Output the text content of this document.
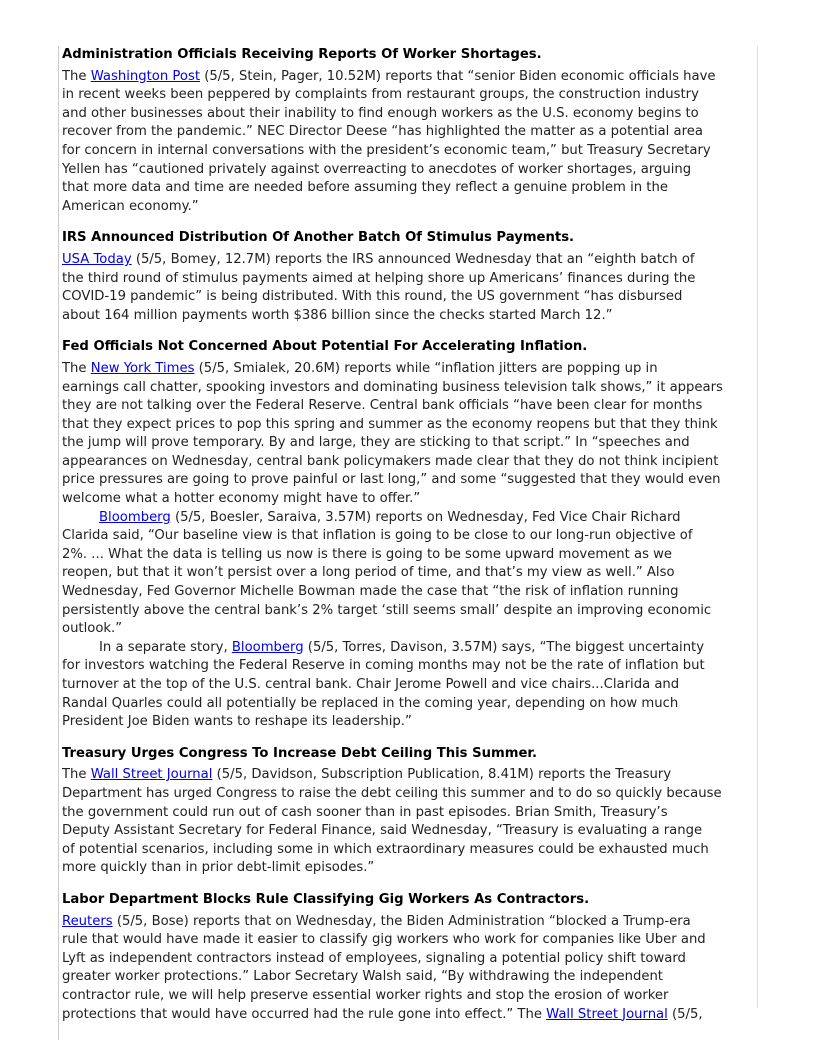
Administration Officials Receiving Reports Of Worker Shortages.
The Washington Post (5/5, Stein, Pager, 10.52M) reports that “senior Biden economic officials have
in recent weeks been peppered by complaints from restaurant groups, the construction industry
and other businesses about their inability to find enough workers as the U.S. economy begins to
recover from the pandemic.” NEC Director Deese “has highlighted the matter as a potential area
for concern in internal conversations with the president’s economic team,” but Treasury Secretary
Yellen has “cautioned privately against overreacting to anecdotes of worker shortages, arguing
that more data and time are needed before assuming they reflect a genuine problem in the
American economy.”
IRS Announced Distribution Of Another Batch Of Stimulus Payments.
USA Today (5/5, Bomey, 12.7M) reports the IRS announced Wednesday that an “eighth batch of
the third round of stimulus payments aimed at helping shore up Americans’ finances during the
COVID-19 pandemic” is being distributed. With this round, the US government “has disbursed
about 164 million payments worth $386 billion since the checks started March 12.”
Fed Officials Not Concerned About Potential For Accelerating Inflation.
The New York Times (5/5, Smialek, 20.6M) reports while “inflation jitters are popping up in
earnings call chatter, spooking investors and dominating business television talk shows,” it appears
they are not talking over the Federal Reserve. Central bank officials “have been clear for months
that they expect prices to pop this spring and summer as the economy reopens but that they think
the jump will prove temporary. By and large, they are sticking to that script.” In “speeches and
appearances on Wednesday, central bank policymakers made clear that they do not think incipient
price pressures are going to prove painful or last long,” and some “suggested that they would even
welcome what a hotter economy might have to offer.”
Bloomberg (5/5, Boesler, Saraiva, 3.57M) reports on Wednesday, Fed Vice Chair Richard
Clarida said, “Our baseline view is that inflation is going to be close to our long-run objective of
2%. ... What the data is telling us now is there is going to be some upward movement as we
reopen, but that it won’t persist over a long period of time, and that’s my view as well.” Also
Wednesday, Fed Governor Michelle Bowman made the case that “the risk of inflation running
persistently above the central bank’s 2% target ‘still seems small’ despite an improving economic
outlook.”
In a separate story, Bloomberg (5/5, Torres, Davison, 3.57M) says, “The biggest uncertainty
for investors watching the Federal Reserve in coming months may not be the rate of inflation but
turnover at the top of the U.S. central bank. Chair Jerome Powell and vice chairs...Clarida and
Randal Quarles could all potentially be replaced in the coming year, depending on how much
President Joe Biden wants to reshape its leadership.”
Treasury Urges Congress To Increase Debt Ceiling This Summer.
The Wall Street Journal (5/5, Davidson, Subscription Publication, 8.41M) reports the Treasury
Department has urged Congress to raise the debt ceiling this summer and to do so quickly because
the government could run out of cash sooner than in past episodes. Brian Smith, Treasury’s
Deputy Assistant Secretary for Federal Finance, said Wednesday, “Treasury is evaluating a range
of potential scenarios, including some in which extraordinary measures could be exhausted much
more quickly than in prior debt-limit episodes.”
Labor Department Blocks Rule Classifying Gig Workers As Contractors.
Reuters (5/5, Bose) reports that on Wednesday, the Biden Administration “blocked a Trump-era
rule that would have made it easier to classify gig workers who work for companies like Uber and
Lyft as independent contractors instead of employees, signaling a potential policy shift toward
greater worker protections.” Labor Secretary Walsh said, “By withdrawing the independent
contractor rule, we will help preserve essential worker rights and stop the erosion of worker
protections that would have occurred had the rule gone into effect.” The Wall Street Journal (5/5,
